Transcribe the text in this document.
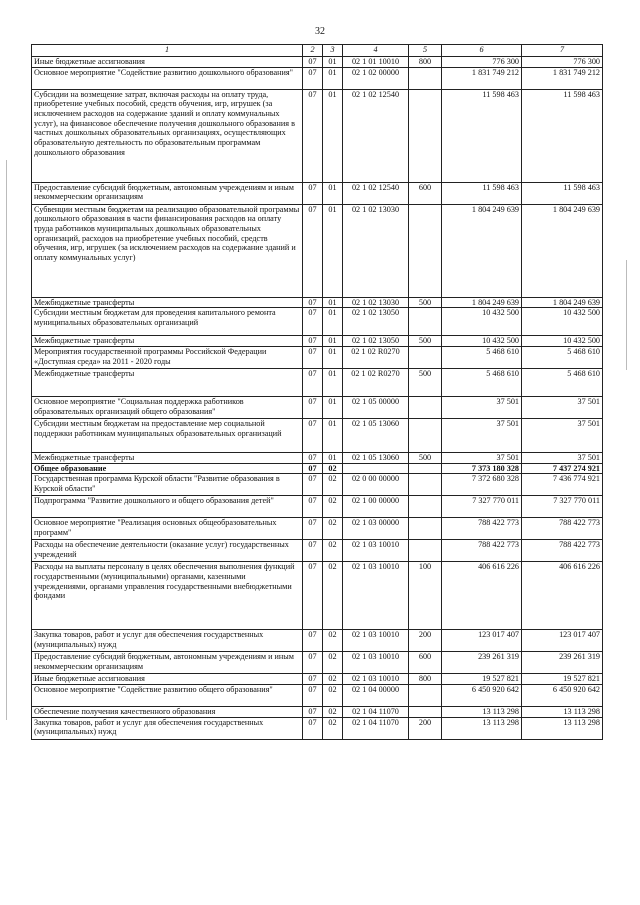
32
1	2	3	4	5	6	7
Иные бюджетные ассигнования	07	01	02 1 01 10010	800	776 300	776 300
Основное мероприятие "Содействие развитию дошкольного образования"	07	01	02 1 02 00000		1 831 749 212	1 831 749 212
Субсидии на возмещение затрат, включая расходы на оплату труда, приобретение учебных пособий, средств обучения, игр, игрушек (за исключением расходов на содержание зданий и оплату коммунальных услуг), на финансовое обеспечение получения дошкольного образования в частных дошкольных образовательных организациях, осуществляющих образовательную деятельность по образовательным программам дошкольного образования	07	01	02 1 02 12540		11 598 463	11 598 463
Предоставление субсидий бюджетным, автономным учреждениям и иным некоммерческим организациям	07	01	02 1 02 12540	600	11 598 463	11 598 463
Субвенции местным бюджетам на реализацию образовательной программы дошкольного образования в части финансирования расходов на оплату труда работников муниципальных дошкольных образовательных организаций, расходов на приобретение учебных пособий, средств обучения, игр, игрушек (за исключением расходов на содержание зданий и оплату коммунальных услуг)	07	01	02 1 02 13030		1 804 249 639	1 804 249 639
Межбюджетные трансферты	07	01	02 1 02 13030	500	1 804 249 639	1 804 249 639
Субсидии местным бюджетам для проведения капитального ремонта муниципальных образовательных организаций	07	01	02 1 02 13050		10 432 500	10 432 500
Межбюджетные трансферты	07	01	02 1 02 13050	500	10 432 500	10 432 500
Мероприятия государственной программы Российской Федерации «Доступная среда» на 2011 - 2020 годы	07	01	02 1 02 R0270		5 468 610	5 468 610
Межбюджетные трансферты	07	01	02 1 02 R0270	500	5 468 610	5 468 610
Основное мероприятие "Социальная поддержка работников образовательных организаций общего образования"	07	01	02 1 05 00000		37 501	37 501
Субсидии местным бюджетам на предоставление мер социальной поддержки работникам муниципальных образовательных организаций	07	01	02 1 05 13060		37 501	37 501
Межбюджетные трансферты	07	01	02 1 05 13060	500	37 501	37 501
Общее образование	07	02			7 373 180 328	7 437 274 921
Государственная программа Курской области "Развитие образования в Курской области"	07	02	02 0 00 00000		7 372 680 328	7 436 774 921
Подпрограмма "Развитие дошкольного и общего образования детей"	07	02	02 1 00 00000		7 327 770 011	7 327 770 011
Основное мероприятие "Реализация основных общеобразовательных программ"	07	02	02 1 03 00000		788 422 773	788 422 773
Расходы на обеспечение деятельности (оказание услуг) государственных учреждений	07	02	02 1 03 10010		788 422 773	788 422 773
Расходы на выплаты персоналу в целях обеспечения выполнения функций государственными (муниципальными) органами, казенными учреждениями, органами управления государственными внебюджетными фондами	07	02	02 1 03 10010	100	406 616 226	406 616 226
Закупка товаров, работ и услуг для обеспечения государственных (муниципальных) нужд	07	02	02 1 03 10010	200	123 017 407	123 017 407
Предоставление субсидий бюджетным, автономным учреждениям и иным некоммерческим организациям	07	02	02 1 03 10010	600	239 261 319	239 261 319
Иные бюджетные ассигнования	07	02	02 1 03 10010	800	19 527 821	19 527 821
Основное мероприятие "Содействие развитию общего образования"	07	02	02 1 04 00000		6 450 920 642	6 450 920 642
Обеспечение получения качественного образования	07	02	02 1 04 11070		13 113 298	13 113 298
Закупка товаров, работ и услуг для обеспечения государственных (муниципальных) нужд	07	02	02 1 04 11070	200	13 113 298	13 113 298
